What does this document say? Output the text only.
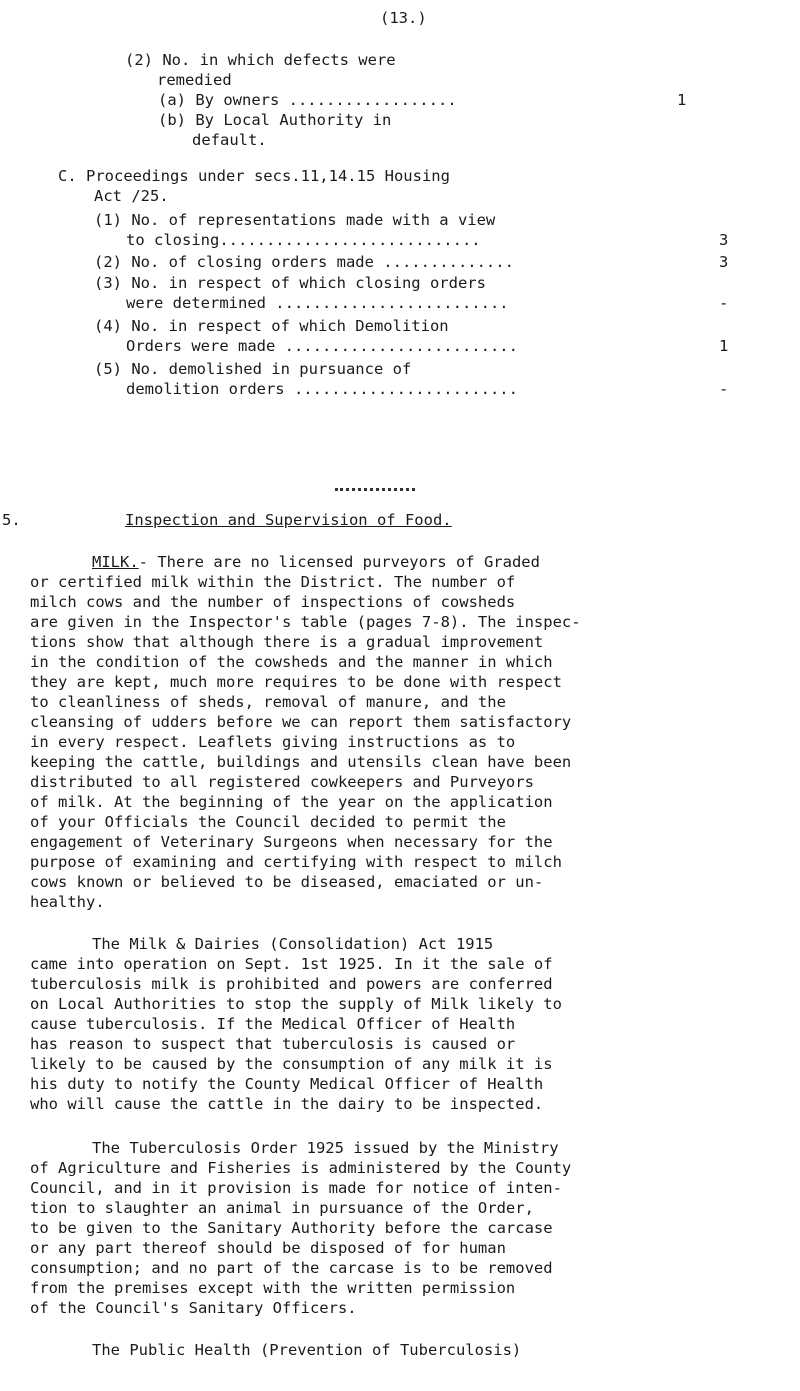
(13.)
(2) No. in which defects were
remedied
(a) By owners ..................	1
(b) By Local Authority in
default.
C. Proceedings under secs.11,14.15 Housing
Act /25.
(1) No. of representations made with a view
to closing............................	3
(2) No. of closing orders made ..............	3
(3) No. in respect of which closing orders
were determined .........................	-
(4) No. in respect of which Demolition
Orders were made .........................	1
(5) No. demolished in pursuance of
demolition orders ........................	-
5.	Inspection and Supervision of Food.
MILK.- There are no licensed purveyors of Graded
or certified milk within the District. The number of
milch cows and the number of inspections of cowsheds
are given in the Inspector's table (pages 7-8). The inspec-
tions show that although there is a gradual improvement
in the condition of the cowsheds and the manner in which
they are kept, much more requires to be done with respect
to cleanliness of sheds, removal of manure, and the
cleansing of udders before we can report them satisfactory
in every respect. Leaflets giving instructions as to
keeping the cattle, buildings and utensils clean have been
distributed to all registered cowkeepers and Purveyors
of milk. At the beginning of the year on the application
of your Officials the Council decided to permit the
engagement of Veterinary Surgeons when necessary for the
purpose of examining and certifying with respect to milch
cows known or believed to be diseased, emaciated or un-
healthy.
The Milk & Dairies (Consolidation) Act 1915
came into operation on Sept. 1st 1925. In it the sale of
tuberculosis milk is prohibited and powers are conferred
on Local Authorities to stop the supply of Milk likely to
cause tuberculosis. If the Medical Officer of Health
has reason to suspect that tuberculosis is caused or
likely to be caused by the consumption of any milk it is
his duty to notify the County Medical Officer of Health
who will cause the cattle in the dairy to be inspected.
The Tuberculosis Order 1925 issued by the Ministry
of Agriculture and Fisheries is administered by the County
Council, and in it provision is made for notice of inten-
tion to slaughter an animal in pursuance of the Order,
to be given to the Sanitary Authority before the carcase
or any part thereof should be disposed of for human
consumption; and no part of the carcase is to be removed
from the premises except with the written permission
of the Council's Sanitary Officers.
The Public Health (Prevention of Tuberculosis)
